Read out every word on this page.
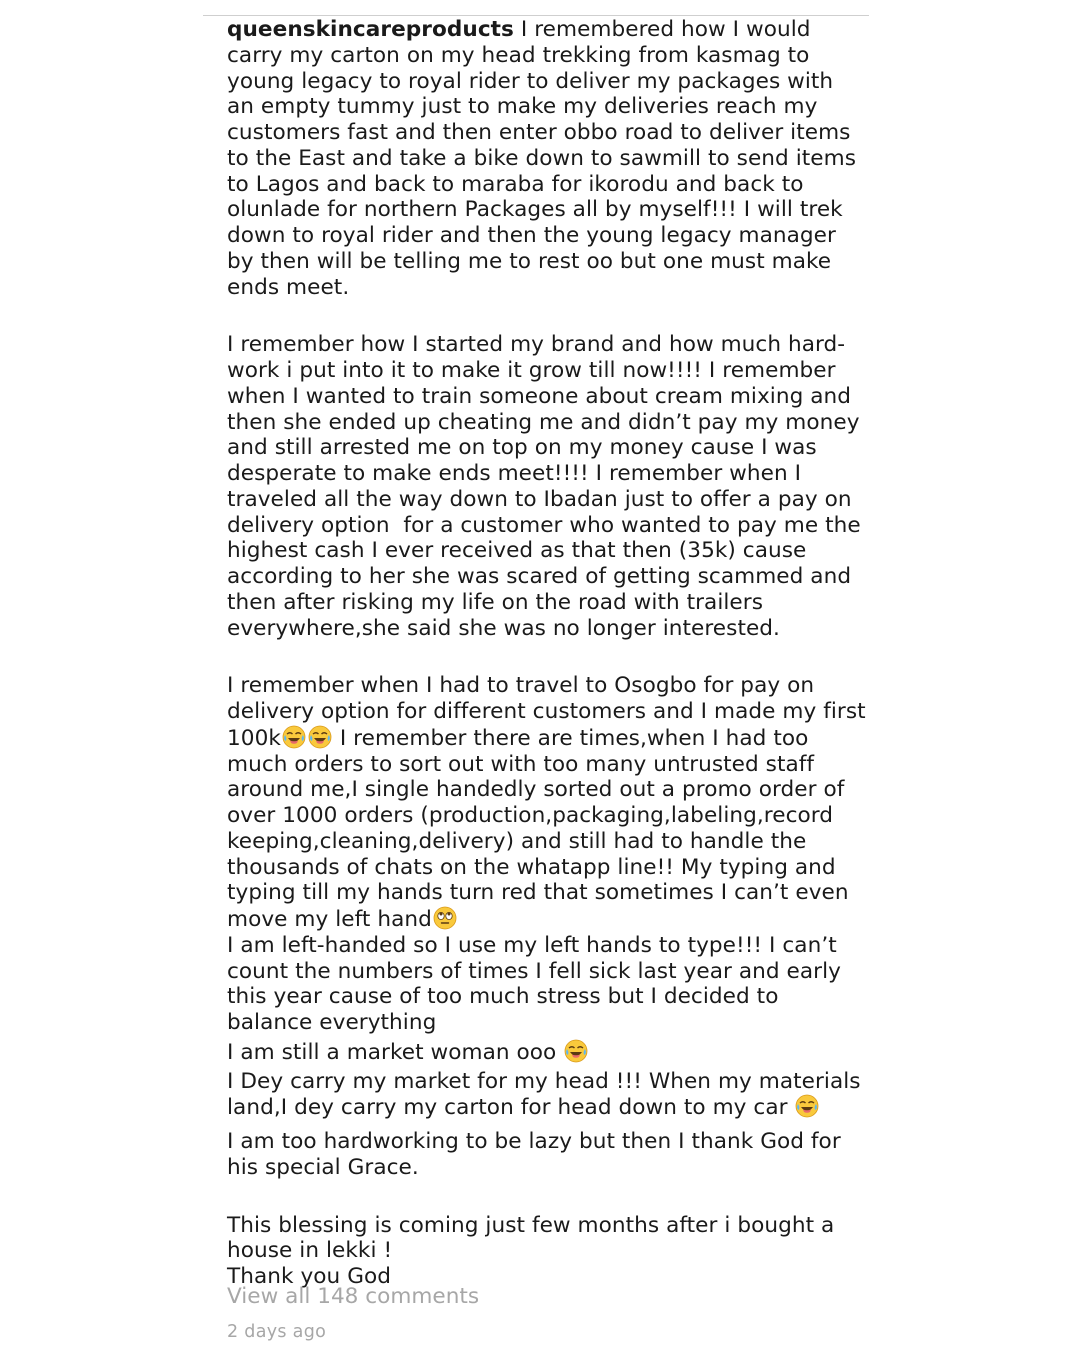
queenskincareproducts I remembered how I would carry my carton on my head trekking from kasmag to young legacy to royal rider to deliver my packages with an empty tummy just to make my deliveries reach my customers fast and then enter obbo road to deliver items to the East and take a bike down to sawmill to send items to Lagos and back to maraba for ikorodu and back to olunlade for northern Packages all by myself!!! I will trek down to royal rider and then the young legacy manager by then will be telling me to rest oo but one must make ends meet.

I remember how I started my brand and how much hard-work i put into it to make it grow till now!!!! I remember when I wanted to train someone about cream mixing and then she ended up cheating me and didn’t pay my money and still arrested me on top on my money cause I was desperate to make ends meet!!!! I remember when I traveled all the way down to Ibadan just to offer a pay on delivery option  for a customer who wanted to pay me the highest cash I ever received as that then (35k) cause according to her she was scared of getting scammed and then after risking my life on the road with trailers everywhere,she said she was no longer interested.

I remember when I had to travel to Osogbo for pay on delivery option for different customers and I made my first 100k I remember there are times,when I had too much orders to sort out with too many untrusted staff around me,I single handedly sorted out a promo order of over 1000 orders (production,packaging,labeling,record keeping,cleaning,delivery) and still had to handle the thousands of chats on the whatapp line!! My typing and typing till my hands turn red that sometimes I can’t even move my left hand

I am left-handed so I use my left hands to type!!! I can’t count the numbers of times I fell sick last year and early this year cause of too much stress but I decided to balance everything

I am still a market woman ooo

I Dey carry my market for my head !!! When my materials land,I dey carry my carton for head down to my car

I am too hardworking to be lazy but then I thank God for his special Grace.

This blessing is coming just few months after i bought a house in lekki !

Thank you God

View all 148 comments
2 days ago
